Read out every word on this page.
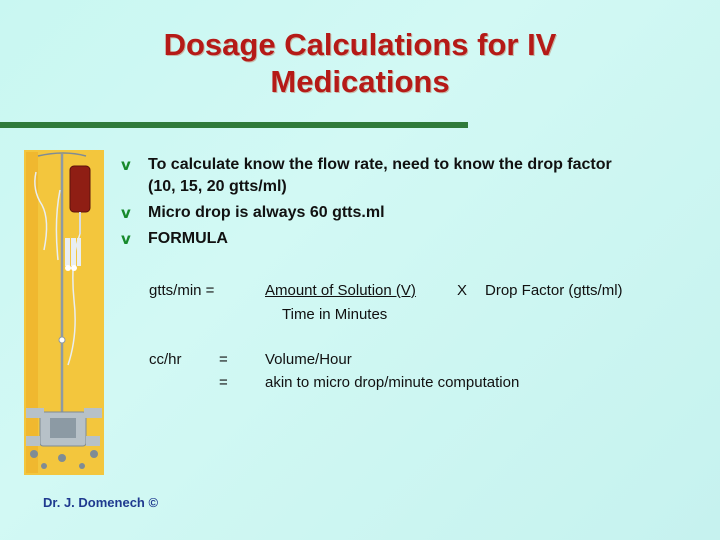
Dosage Calculations for IV
Medications
v To calculate know the flow rate, need to know the drop factor
(10, 15, 20 gtts/ml)
v Micro drop is always 60 gtts.ml
v FORMULA
gtts/min =	Amount of Solution (V)	X Drop Factor (gtts/ml)
Time in Minutes
cc/hr =
=
Volume/Hour
akin to micro drop/minute computation
Dr. J. Domenech ©
